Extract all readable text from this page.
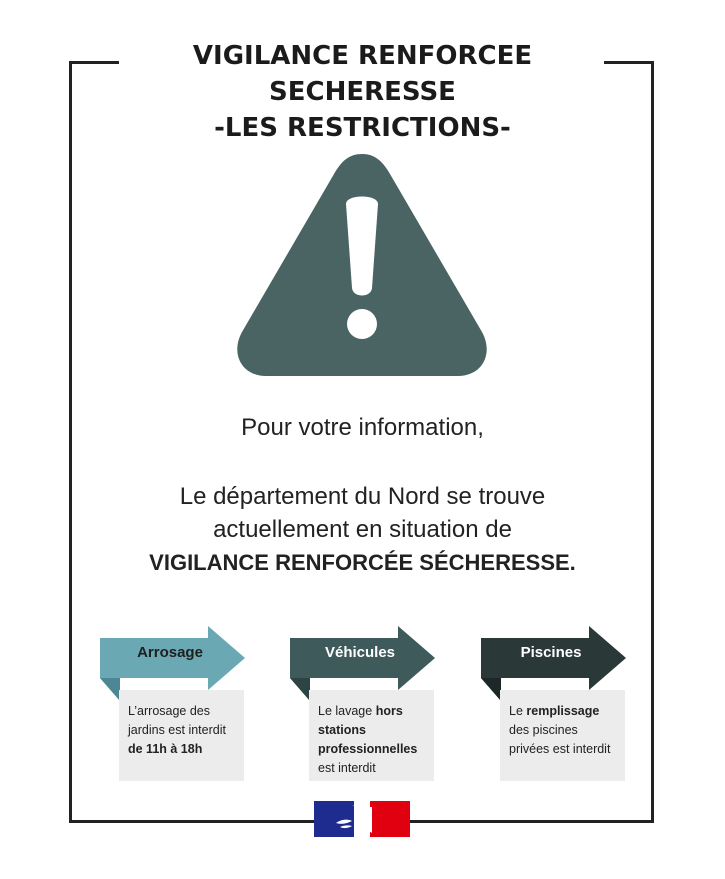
VIGILANCE RENFORCEE
SECHERESSE
-LES RESTRICTIONS-
Pour votre information,
Le département du Nord se trouve
actuellement en situation de
VIGILANCE RENFORCÉE SÉCHERESSE.
Arrosage
L’arrosage des jardins est interdit de 11h à 18h
Véhicules
Le lavage hors stations professionnelles est interdit
Piscines
Le remplissage des piscines privées est interdit
